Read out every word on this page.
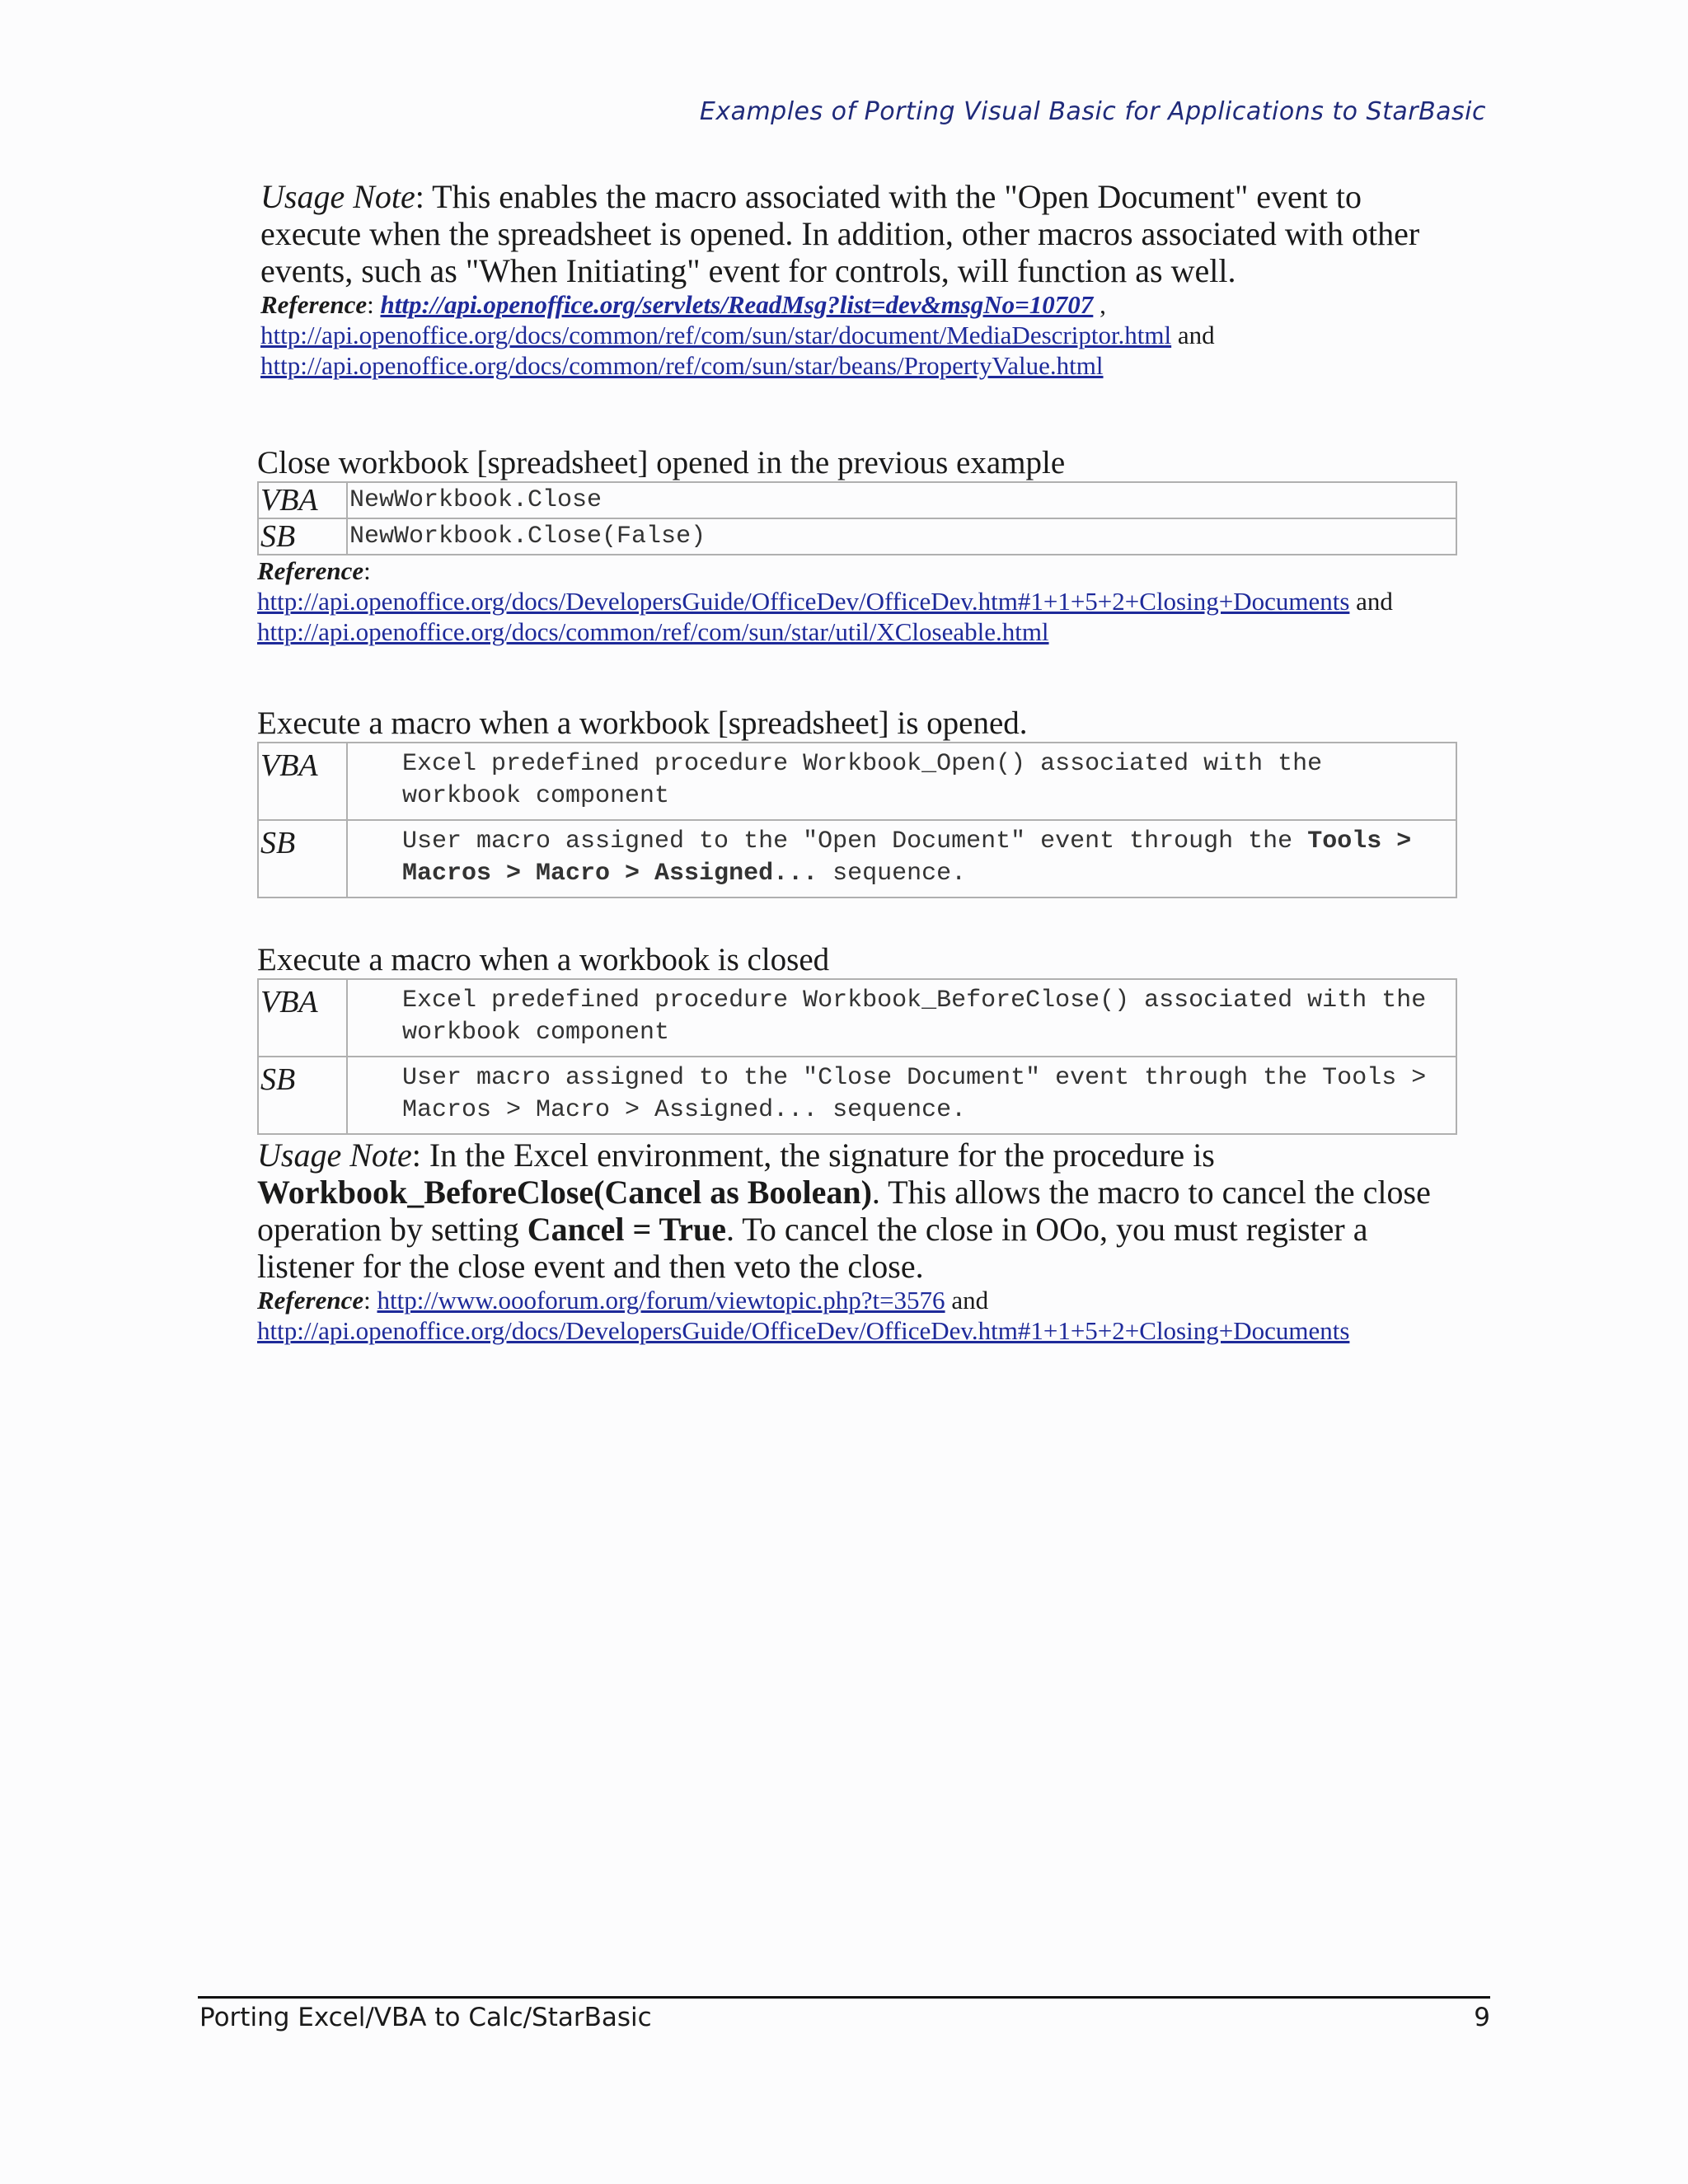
Examples of Porting Visual Basic for Applications to StarBasic

Usage Note: This enables the macro associated with the "Open Document" event to execute when the spreadsheet is opened. In addition, other macros associated with other events, such as "When Initiating" event for controls, will function as well.

Reference: http://api.openoffice.org/servlets/ReadMsg?list=dev&msgNo=10707 ,
http://api.openoffice.org/docs/common/ref/com/sun/star/document/MediaDescriptor.html and
http://api.openoffice.org/docs/common/ref/com/sun/star/beans/PropertyValue.html

Close workbook [spreadsheet] opened in the previous example

VBA	NewWorkbook.Close
SB	NewWorkbook.Close(False)

Reference:
http://api.openoffice.org/docs/DevelopersGuide/OfficeDev/OfficeDev.htm#1+1+5+2+Closing+Documents and http://api.openoffice.org/docs/common/ref/com/sun/star/util/XCloseable.html

Execute a macro when a workbook [spreadsheet] is opened.

VBA	Excel predefined procedure Workbook_Open() associated with the workbook component
SB	User macro assigned to the "Open Document" event through the Tools > Macros > Macro > Assigned... sequence.

Execute a macro when a workbook is closed

VBA	Excel predefined procedure Workbook_BeforeClose() associated with the workbook component
SB	User macro assigned to the "Close Document" event through the Tools > Macros > Macro > Assigned... sequence.

Usage Note: In the Excel environment, the signature for the procedure is Workbook_BeforeClose(Cancel as Boolean). This allows the macro to cancel the close operation by setting Cancel = True. To cancel the close in OOo, you must register a listener for the close event and then veto the close.

Reference: http://www.oooforum.org/forum/viewtopic.php?t=3576 and
http://api.openoffice.org/docs/DevelopersGuide/OfficeDev/OfficeDev.htm#1+1+5+2+Closing+Documents

Porting Excel/VBA to Calc/StarBasic	9
